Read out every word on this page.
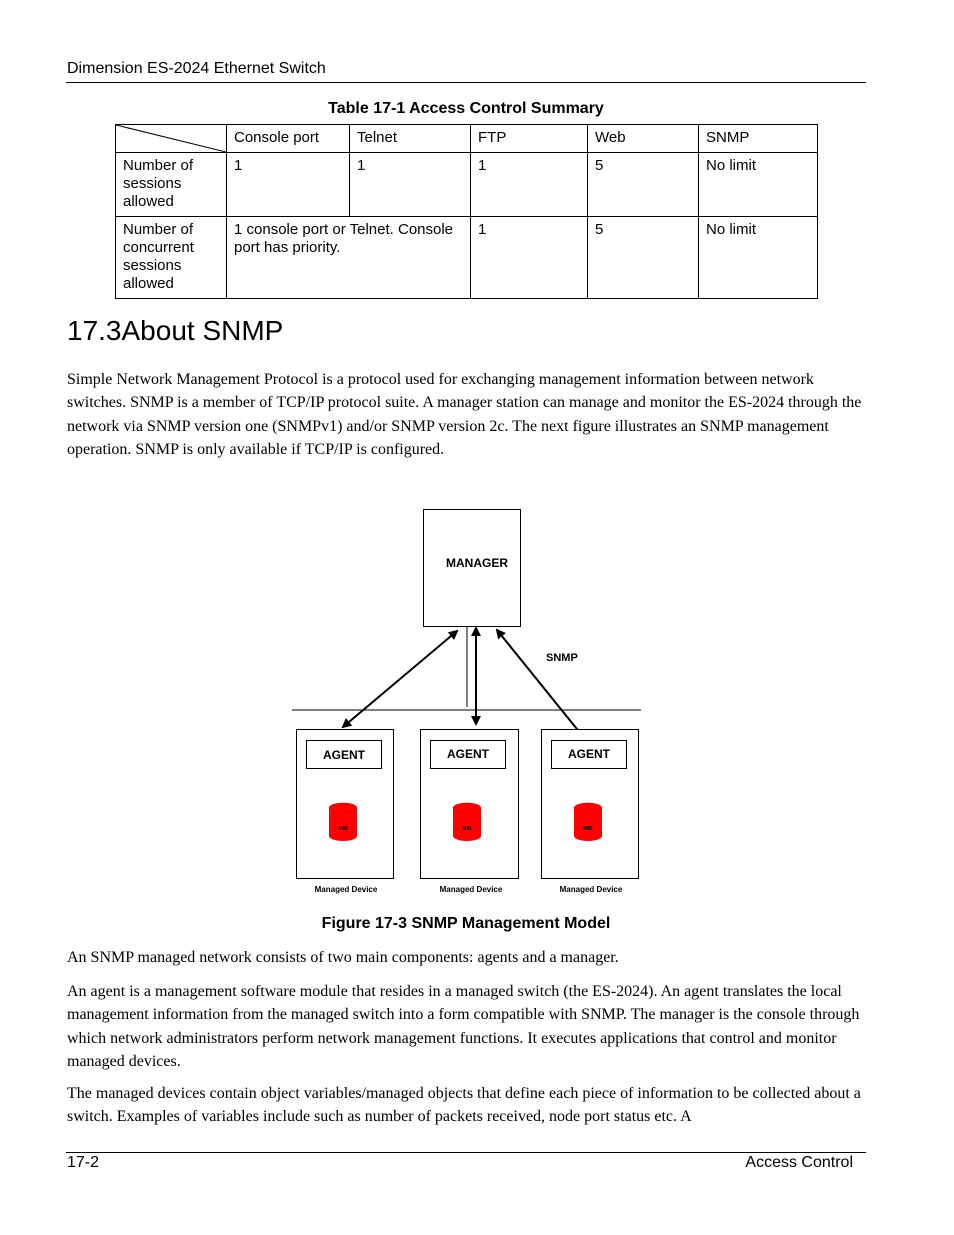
Dimension ES-2024 Ethernet Switch
Table 17-1 Access Control Summary
	Console port	Telnet	FTP	Web	SNMP
Number of sessions allowed	1	1	1	5	No limit
Number of concurrent sessions allowed	1 console port or Telnet. Console port has priority.		1	5	No limit
17.3About SNMP
Simple Network Management Protocol is a protocol used for exchanging management information between network switches. SNMP is a member of TCP/IP protocol suite. A manager station can manage and monitor the ES-2024 through the network via SNMP version one (SNMPv1) and/or SNMP version 2c. The next figure illustrates an SNMP management operation. SNMP is only available if TCP/IP is configured.
MANAGER
SNMP
AGENT
MIB
Managed Device
AGENT
MIB
Managed Device
AGENT
MIB
Managed Device
Figure 17-3 SNMP Management Model
An SNMP managed network consists of two main components: agents and a manager.
An agent is a management software module that resides in a managed switch (the ES-2024). An agent translates the local management information from the managed switch into a form compatible with SNMP. The manager is the console through which network administrators perform network management functions. It executes applications that control and monitor managed devices.
The managed devices contain object variables/managed objects that define each piece of information to be collected about a switch. Examples of variables include such as number of packets received, node port status etc. A
17-2	Access Control
